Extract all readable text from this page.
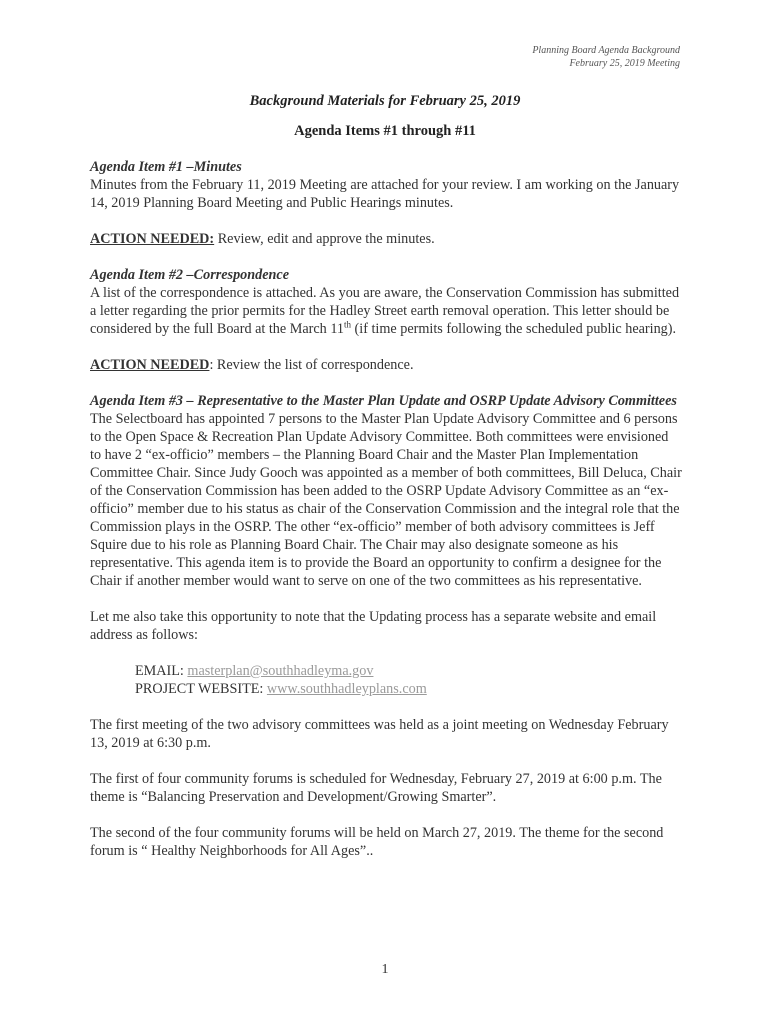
Planning Board Agenda Background
February 25, 2019 Meeting
Background Materials for February 25, 2019
Agenda Items #1 through #11

Agenda Item #1 –Minutes

Minutes from the February 11, 2019 Meeting are attached for your review. I am working on the January 14, 2019 Planning Board Meeting and Public Hearings minutes.

ACTION NEEDED: Review, edit and approve the minutes.

Agenda Item #2 –Correspondence

A list of the correspondence is attached. As you are aware, the Conservation Commission has submitted a letter regarding the prior permits for the Hadley Street earth removal operation. This letter should be considered by the full Board at the March 11th (if time permits following the scheduled public hearing).

ACTION NEEDED: Review the list of correspondence.

Agenda Item #3 – Representative to the Master Plan Update and OSRP Update Advisory Committees

The Selectboard has appointed 7 persons to the Master Plan Update Advisory Committee and 6 persons to the Open Space & Recreation Plan Update Advisory Committee. Both committees were envisioned to have 2 “ex-officio” members – the Planning Board Chair and the Master Plan Implementation Committee Chair. Since Judy Gooch was appointed as a member of both committees, Bill Deluca, Chair of the Conservation Commission has been added to the OSRP Update Advisory Committee as an “ex-officio” member due to his status as chair of the Conservation Commission and the integral role that the Commission plays in the OSRP. The other “ex-officio” member of both advisory committees is Jeff Squire due to his role as Planning Board Chair. The Chair may also designate someone as his representative. This agenda item is to provide the Board an opportunity to confirm a designee for the Chair if another member would want to serve on one of the two committees as his representative.

Let me also take this opportunity to note that the Updating process has a separate website and email address as follows:

EMAIL: masterplan@southhadleyma.gov

PROJECT WEBSITE: www.southhadleyplans.com

The first meeting of the two advisory committees was held as a joint meeting on Wednesday February 13, 2019 at 6:30 p.m.

The first of four community forums is scheduled for Wednesday, February 27, 2019 at 6:00 p.m. The theme is “Balancing Preservation and Development/Growing Smarter”.

The second of the four community forums will be held on March 27, 2019. The theme for the second forum is “ Healthy Neighborhoods for All Ages”..

1
